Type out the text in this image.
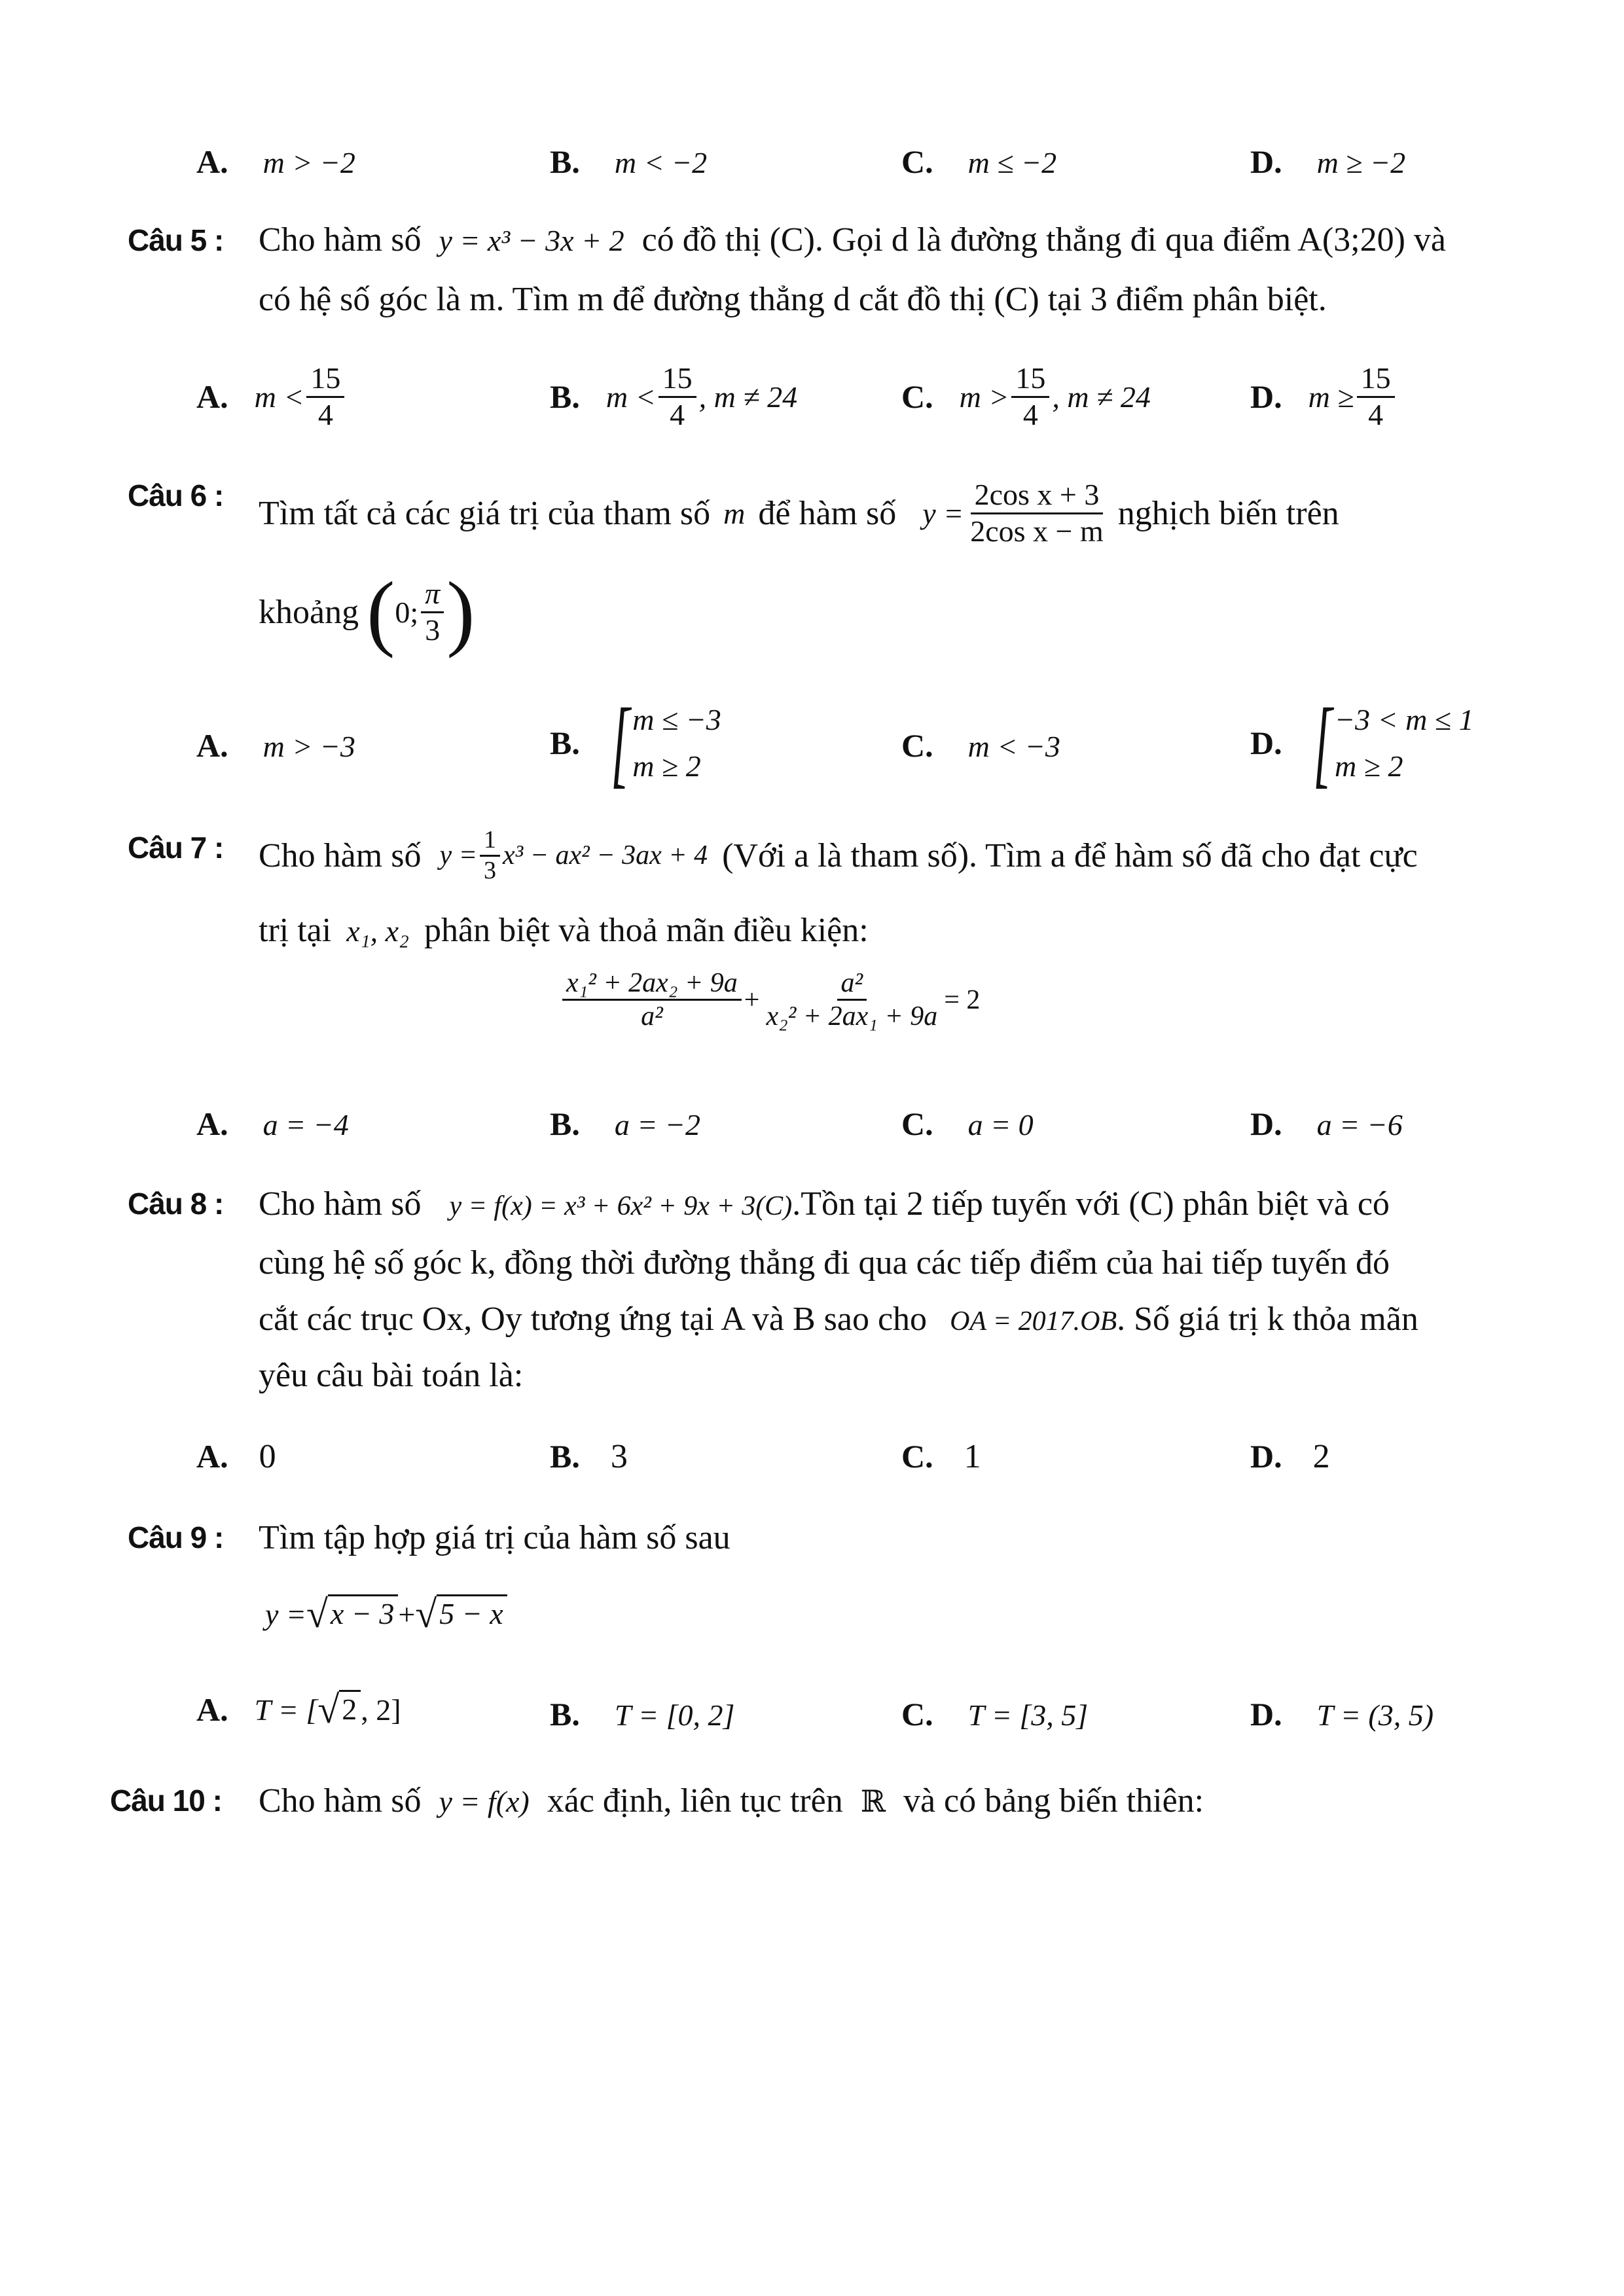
A. m > −2	B. m < −2	C. m ≤ −2	D. m ≥ −2
Câu 5 : Cho hàm số y = x³ − 3x + 2 có đồ thị (C). Gọi d là đường thẳng đi qua điểm A(3;20) và
có hệ số góc là m. Tìm m để đường thẳng d cắt đồ thị (C) tại 3 điểm phân biệt.
A. $m < \frac{15}{4}$	B. $m < \frac{15}{4}$ , m ≠ 24	C. $m > \frac{15}{4}$ , m ≠ 24	D. $m \ge \frac{15}{4}$
Câu 6 : Tìm tất cả các giá trị của tham số m để hàm số $y = \frac{\text{2cos x + 3}}{\text{2cos x − m}}$ nghịch biến trên
khoảng ( 0; $\frac{\pi}{3}$ )
A. m > −3	B. [ m ≤ −3
m ≥ 2
C. m < −3	D. [ −3 < m ≤ 1
m ≥ 2
Câu 7 : Cho hàm số $y = \frac{1}{3} x^3 - ax^2 - 3ax + 4$ (Với a là tham số). Tìm a để hàm số đã cho đạt cực
trị tại x₁, x₂ phân biệt và thoả mãn điều kiện:
$\frac{\text{x₁² + 2ax₂ + 9a}}{\text{a²}} + \frac{\text{a²}}{\text{x₂² + 2ax₁ + 9a}} = 2$
A. a = −4	B. a = −2	C. a = 0	D. a = −6
Câu 8 : Cho hàm số y = f(x) = x³ + 6x² + 9x + 3(C).Tồn tại 2 tiếp tuyến với (C) phân biệt và có
cùng hệ số góc k, đồng thời đường thẳng đi qua các tiếp điểm của hai tiếp tuyến đó
cắt các trục Ox, Oy tương ứng tại A và B sao cho OA = 2017.OB. Số giá trị k thỏa mãn
yêu câu bài toán là:
A. 0	B. 3	C. 1	D. 2
Câu 9 : Tìm tập hợp giá trị của hàm số sau
y = √ x − 3 + √ 5 − x
A. T = [ √ 2 , 2]	B. T = [0, 2]	C. T = [3, 5]	D. T = (3, 5)
Câu 10 : Cho hàm số y = f(x) xác định, liên tục trên ℝ và có bảng biến thiên:
